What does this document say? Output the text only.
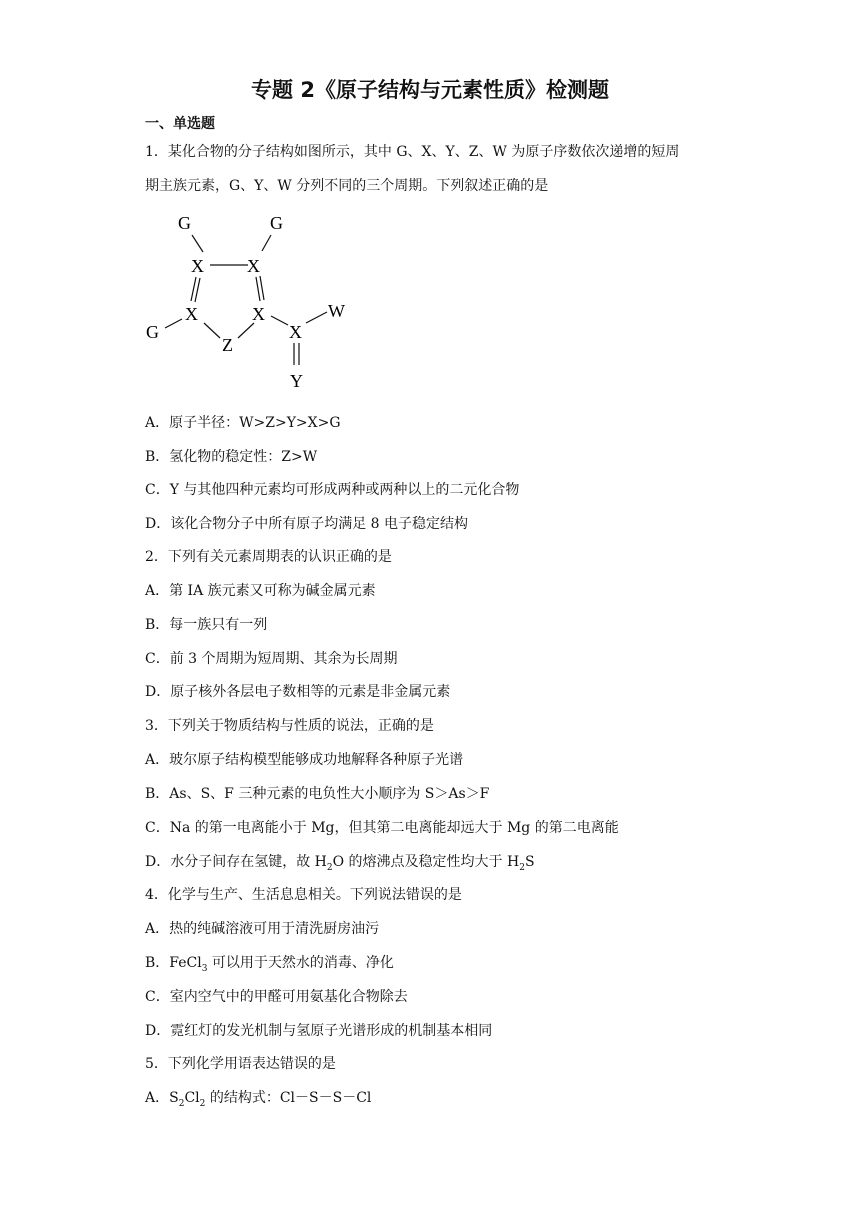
专题 2《原子结构与元素性质》检测题
一、单选题
1．某化合物的分子结构如图所示，其中 G、X、Y、Z、W 为原子序数依次递增的短周
期主族元素，G、Y、W 分列不同的三个周期。下列叙述正确的是
G	G
X X
X	X
X
G
Z
W
Y
A．原子半径：W>Z>Y>X>G
B．氢化物的稳定性：Z>W
C．Y 与其他四种元素均可形成两种或两种以上的二元化合物
D．该化合物分子中所有原子均满足 8 电子稳定结构
2．下列有关元素周期表的认识正确的是
A．第 IA 族元素又可称为碱金属元素
B．每一族只有一列
C．前 3 个周期为短周期、其余为长周期
D．原子核外各层电子数相等的元素是非金属元素
3．下列关于物质结构与性质的说法，正确的是
A．玻尔原子结构模型能够成功地解释各种原子光谱
B．As、S、F 三种元素的电负性大小顺序为 S＞As＞F
C．Na 的第一电离能小于 Mg，但其第二电离能却远大于 Mg 的第二电离能
D．水分子间存在氢键，故 $H_2O$ 的熔沸点及稳定性均大于 $H_2S$
4．化学与生产、生活息息相关。下列说法错误的是
A．热的纯碱溶液可用于清洗厨房油污
B．FeCl$_3$ 可以用于天然水的消毒、净化
C．室内空气中的甲醛可用氨基化合物除去
D．霓红灯的发光机制与氢原子光谱形成的机制基本相同
5．下列化学用语表达错误的是
A．$S_2Cl_2$ 的结构式：Cl－S－S－Cl
